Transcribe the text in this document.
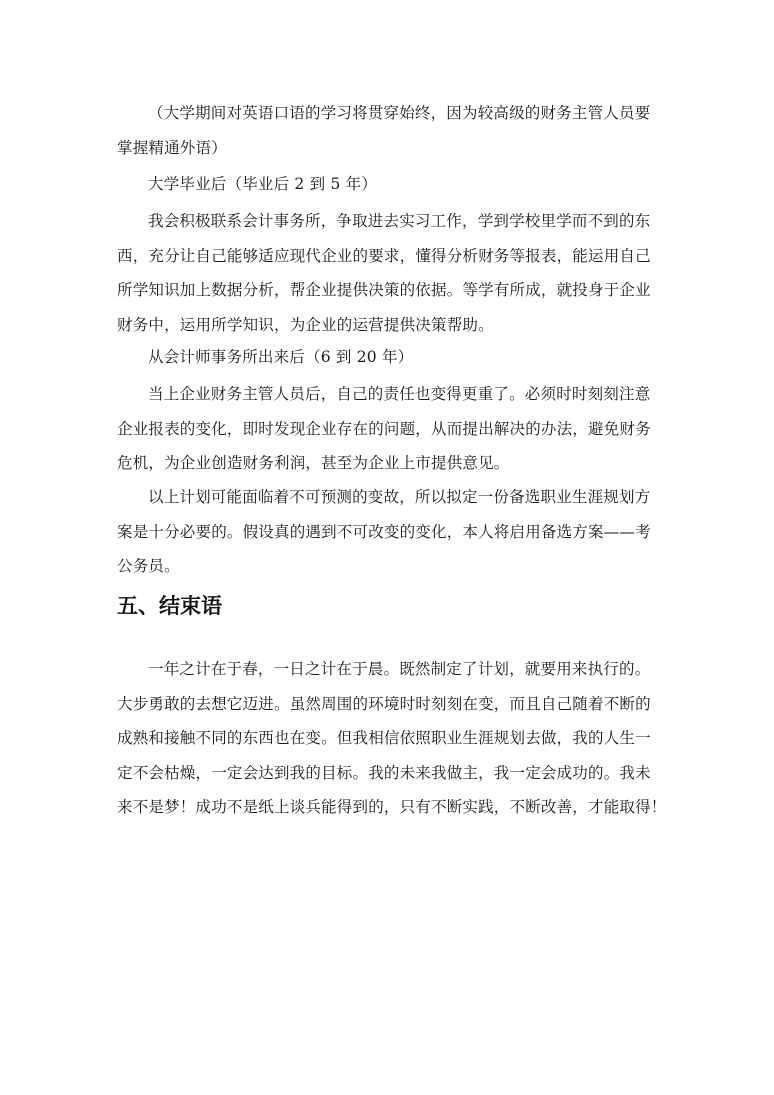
（大学期间对英语口语的学习将贯穿始终，因为较高级的财务主管人员要
掌握精通外语）

大学毕业后（毕业后 2 到 5 年）

我会积极联系会计事务所，争取进去实习工作，学到学校里学而不到的东
西，充分让自己能够适应现代企业的要求，懂得分析财务等报表，能运用自己
所学知识加上数据分析，帮企业提供决策的依据。等学有所成，就投身于企业
财务中，运用所学知识，为企业的运营提供决策帮助。

从会计师事务所出来后（6 到 20 年）

当上企业财务主管人员后，自己的责任也变得更重了。必须时时刻刻注意
企业报表的变化，即时发现企业存在的问题，从而提出解决的办法，避免财务
危机，为企业创造财务利润，甚至为企业上市提供意见。

以上计划可能面临着不可预测的变故，所以拟定一份备选职业生涯规划方
案是十分必要的。假设真的遇到不可改变的变化，本人将启用备选方案——考
公务员。

五、结束语

一年之计在于春，一日之计在于晨。既然制定了计划，就要用来执行的。
大步勇敢的去想它迈进。虽然周围的环境时时刻刻在变，而且自己随着不断的
成熟和接触不同的东西也在变。但我相信依照职业生涯规划去做，我的人生一
定不会枯燥，一定会达到我的目标。我的未来我做主，我一定会成功的。我未
来不是梦！成功不是纸上谈兵能得到的，只有不断实践，不断改善，才能取得！
